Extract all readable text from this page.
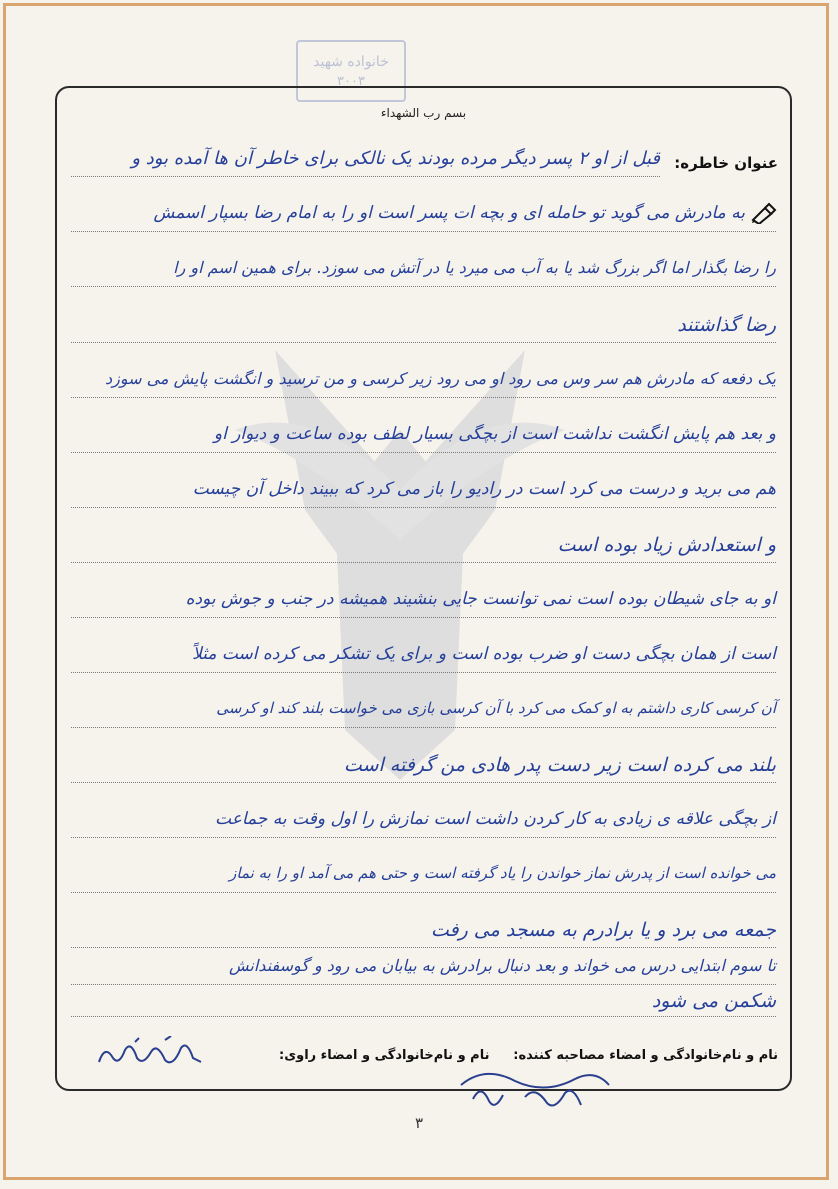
خانواده شهید
۳۰۰۳
بسم رب الشهداء
عنوان خاطره:
قبل از او ۲ پسر دیگر مرده بودند یک نالکی برای خاطر آن ها آمده بود و
به مادرش می گوید تو حامله ای و بچه ات پسر است او را به امام رضا بسپار اسمش
را رضا بگذار اما اگر بزرگ شد یا به آب می میرد یا در آتش می سوزد. برای همین اسم او را
رضا گذاشتند
یک دفعه که مادرش هم سر وس می رود او می رود زیر کرسی و من ترسید و انگشت پایش می سوزد
و بعد هم پایش انگشت نداشت است از بچگی بسیار لطف بوده ساعت و دیوار او
هم می برید و درست می کرد است در رادیو را باز می کرد که ببیند داخل آن چیست
و استعدادش زیاد بوده است
او به جای شیطان بوده است نمی توانست جایی بنشیند همیشه در جنب و جوش بوده
است از همان بچگی دست او ضرب بوده است و برای یک تشکر می کرده است مثلاً
آن کرسی کاری داشتم به او کمک می کرد با آن کرسی بازی می خواست بلند کند او کرسی
بلند می کرده است زیر دست پدر هادی من گرفته است
از بچگی علاقه ی زیادی به کار کردن داشت است نمازش را اول وقت به جماعت
می خوانده است از پدرش نماز خواندن را یاد گرفته است و حتی هم می آمد او را به نماز
جمعه می برد و یا برادرم به مسجد می رفت
تا سوم ابتدایی درس می خواند و بعد دنبال برادرش به بیابان می رود و گوسفندانش
شکمن می شود
نام و نام‌خانوادگی و امضاء مصاحبه کننده:
نام و نام‌خانوادگی و امضاء راوی:
۳
